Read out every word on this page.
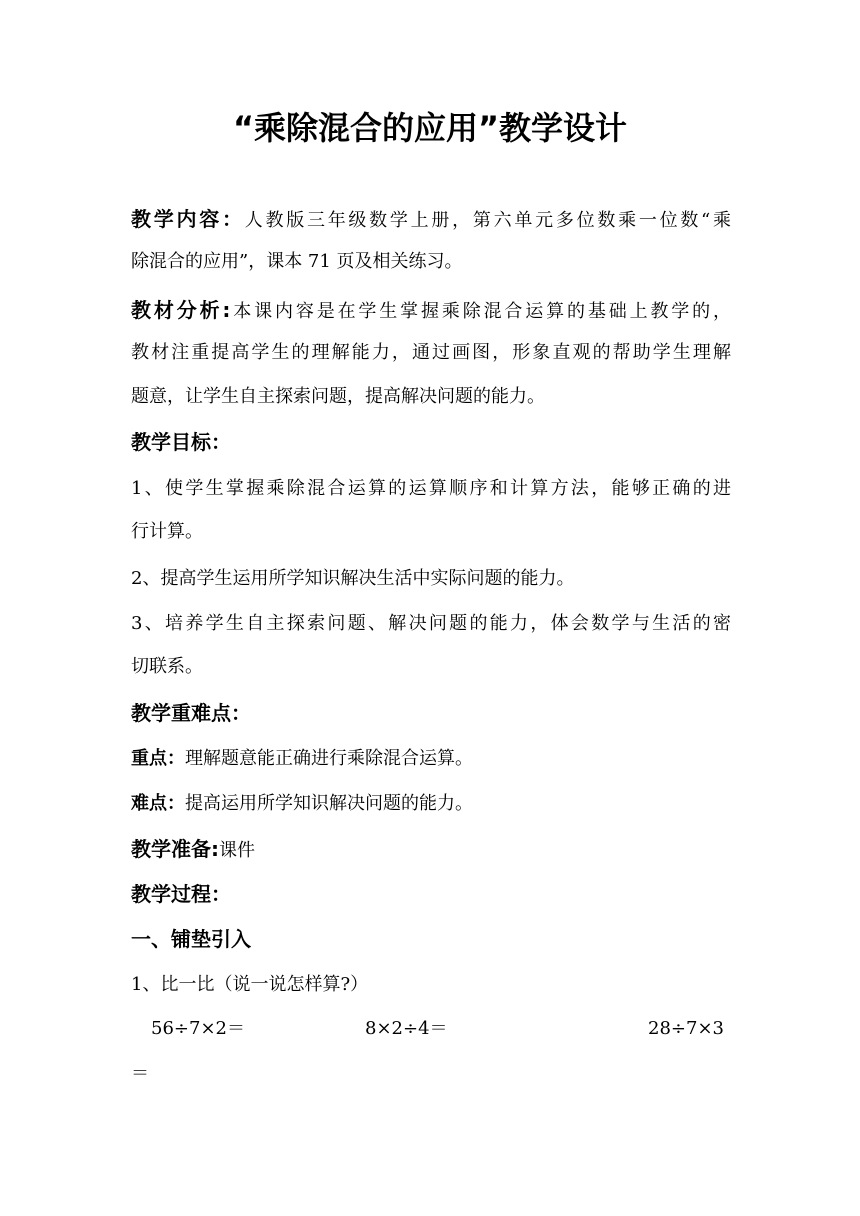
“乘除混合的应用”教学设计
教学内容：人教版三年级数学上册，第六单元多位数乘一位数“乘
除混合的应用”，课本 71 页及相关练习。
教材分析:本课内容是在学生掌握乘除混合运算的基础上教学的，
教材注重提高学生的理解能力，通过画图，形象直观的帮助学生理解
题意，让学生自主探索问题，提高解决问题的能力。
教学目标：
1、使学生掌握乘除混合运算的运算顺序和计算方法，能够正确的进
行计算。
2、提高学生运用所学知识解决生活中实际问题的能力。
3、培养学生自主探索问题、解决问题的能力，体会数学与生活的密
切联系。
教学重难点：
重点：理解题意能正确进行乘除混合运算。
难点：提高运用所学知识解决问题的能力。
教学准备:课件
教学过程：
一、铺垫引入
1、比一比（说一说怎样算?）
56÷7×2＝	8×2÷4＝	28÷7×3
＝
